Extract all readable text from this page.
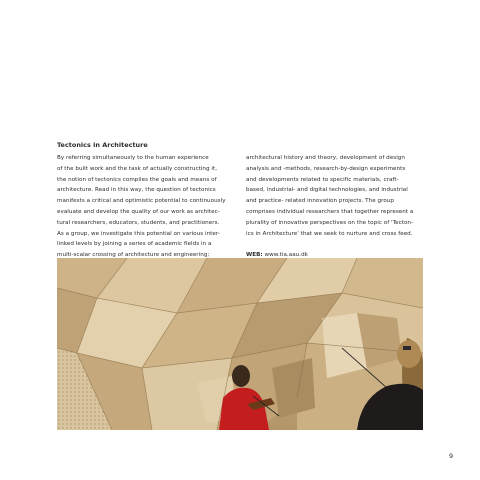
Tectonics in Architecture
By referring simultaneously to the human experience
of the built work and the task of actually constructing it,
the notion of tectonics compiles the goals and means of
architecture. Read in this way, the question of tectonics
manifests a critical and optimistic potential to continuously
evaluate and develop the quality of our work as architec-
tural researchers, educators, students, and practitioners.
As a group, we investigate this potential on various inter-
linked levels by joining a series of academic fields in a
multi-scalar crossing of architecture and engineering;
architectural history and theory, development of design
analysis and -methods, research-by-design experiments
and developments related to specific materials, craft-
based, industrial- and digital technologies, and industrial
and practice- related innovation projects. The group
comprises individual researchers that together represent a
plurality of innovative perspectives on the topic of 'Tecton-
ics in Architecture' that we seek to nurture and cross feed.
WEB: www.tia.aau.dk
9
